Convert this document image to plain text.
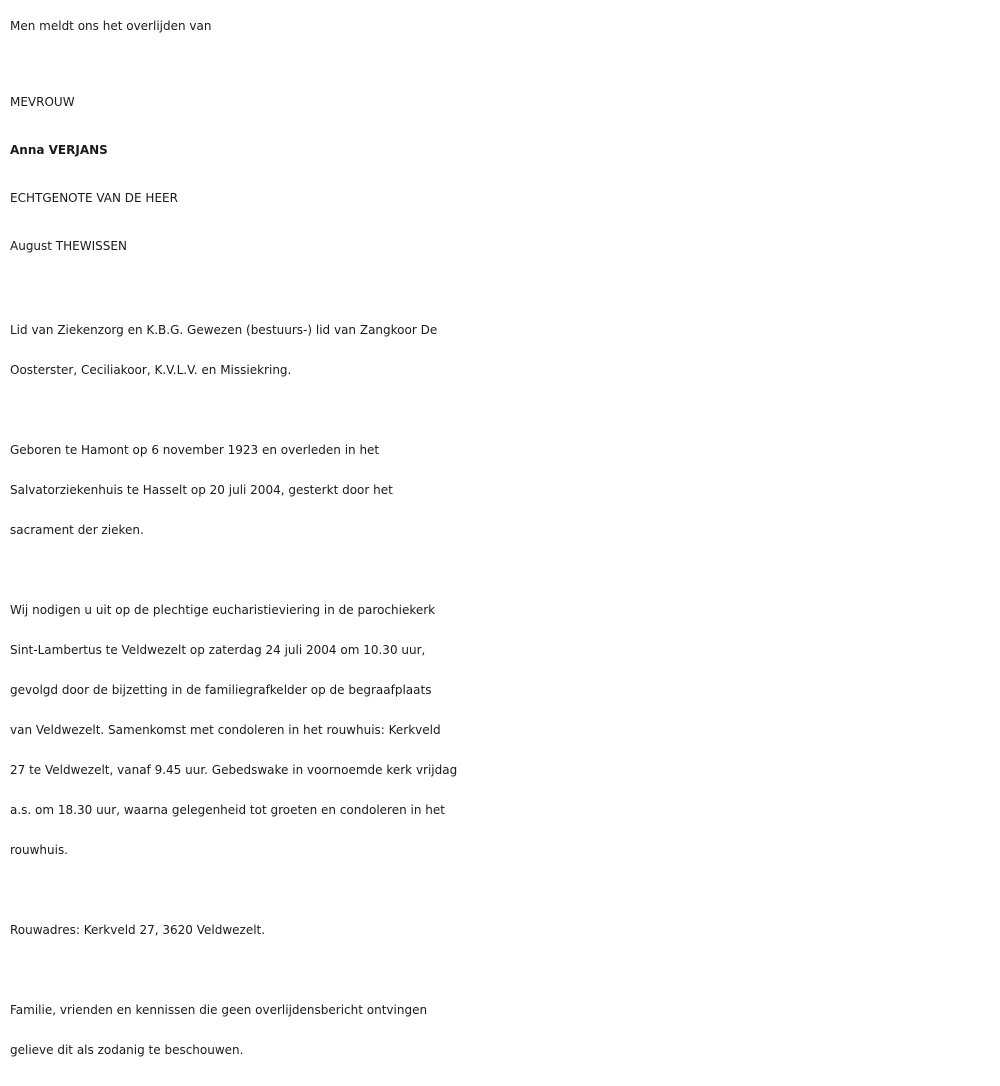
Men meldt ons het overlijden van

MEVROUW

Anna VERJANS

ECHTGENOTE VAN DE HEER

August THEWISSEN

Lid van Ziekenzorg en K.B.G. Gewezen (bestuurs-) lid van Zangkoor De

Oosterster, Ceciliakoor, K.V.L.V. en Missiekring.

Geboren te Hamont op 6 november 1923 en overleden in het

Salvatorziekenhuis te Hasselt op 20 juli 2004, gesterkt door het

sacrament der zieken.

Wij nodigen u uit op de plechtige eucharistieviering in de parochiekerk

Sint-Lambertus te Veldwezelt op zaterdag 24 juli 2004 om 10.30 uur,

gevolgd door de bijzetting in de familiegrafkelder op de begraafplaats

van Veldwezelt. Samenkomst met condoleren in het rouwhuis: Kerkveld

27 te Veldwezelt, vanaf 9.45 uur. Gebedswake in voornoemde kerk vrijdag

a.s. om 18.30 uur, waarna gelegenheid tot groeten en condoleren in het

rouwhuis.

Rouwadres: Kerkveld 27, 3620 Veldwezelt.

Familie, vrienden en kennissen die geen overlijdensbericht ontvingen

gelieve dit als zodanig te beschouwen.
